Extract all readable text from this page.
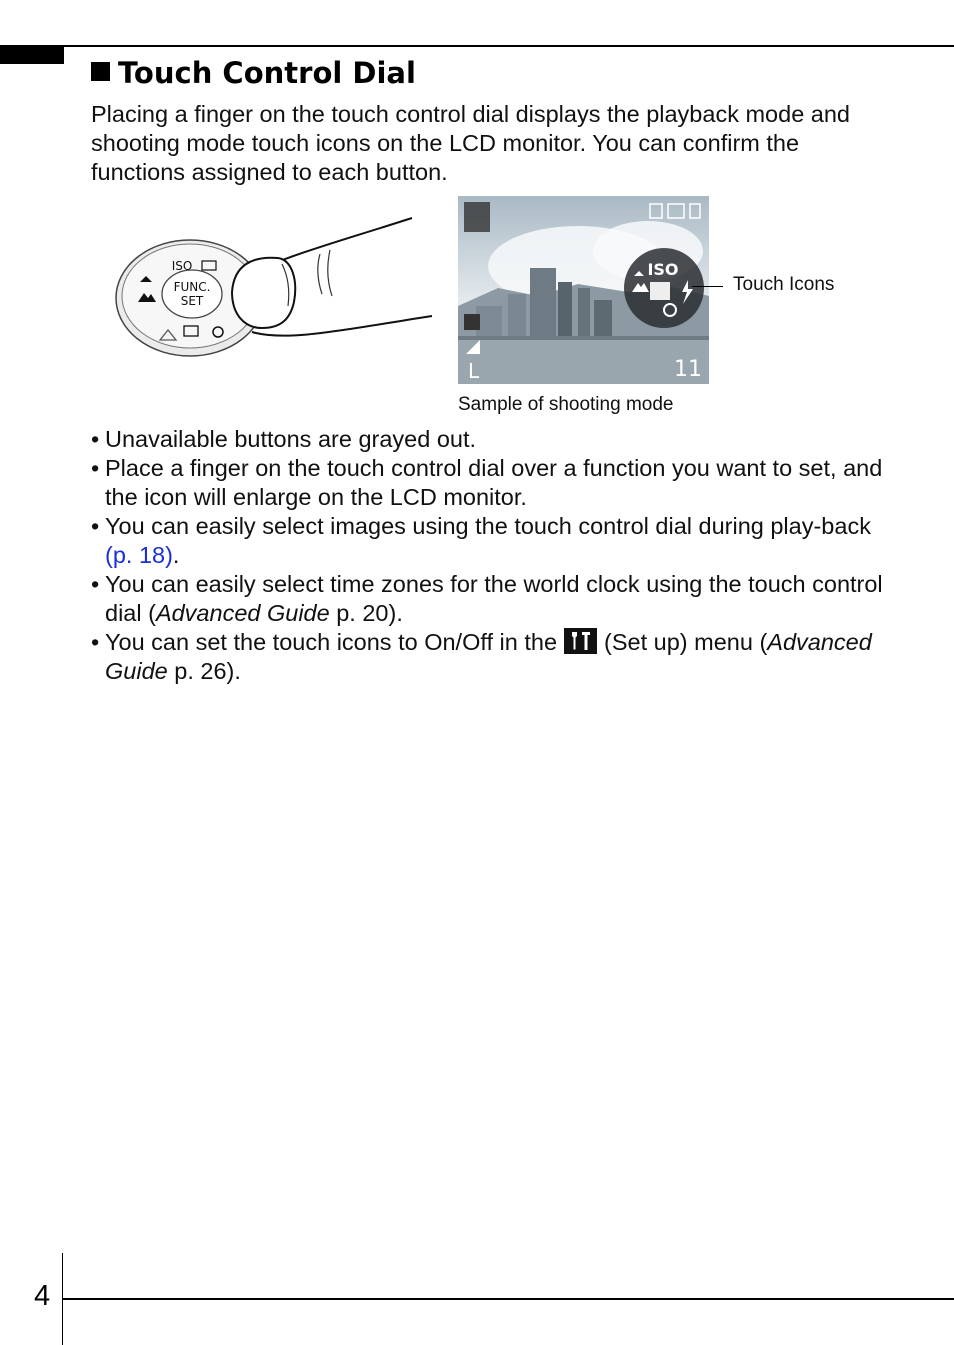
Touch Control Dial

Placing a finger on the touch control dial displays the playback mode and shooting mode touch icons on the LCD monitor. You can confirm the functions assigned to each button.

FUNC.
SET
ISO	ISO
L	11
Touch Icons
Sample of shooting mode
• Unavailable buttons are grayed out.
• Place a finger on the touch control dial over a function you want to set, and the icon will enlarge on the LCD monitor.
• You can easily select images using the touch control dial during play-back (p. 18).
• You can easily select time zones for the world clock using the touch control dial (Advanced Guide p. 20).
• You can set the touch icons to On/Off in the (Set up) menu (Advanced Guide p. 26).
4
